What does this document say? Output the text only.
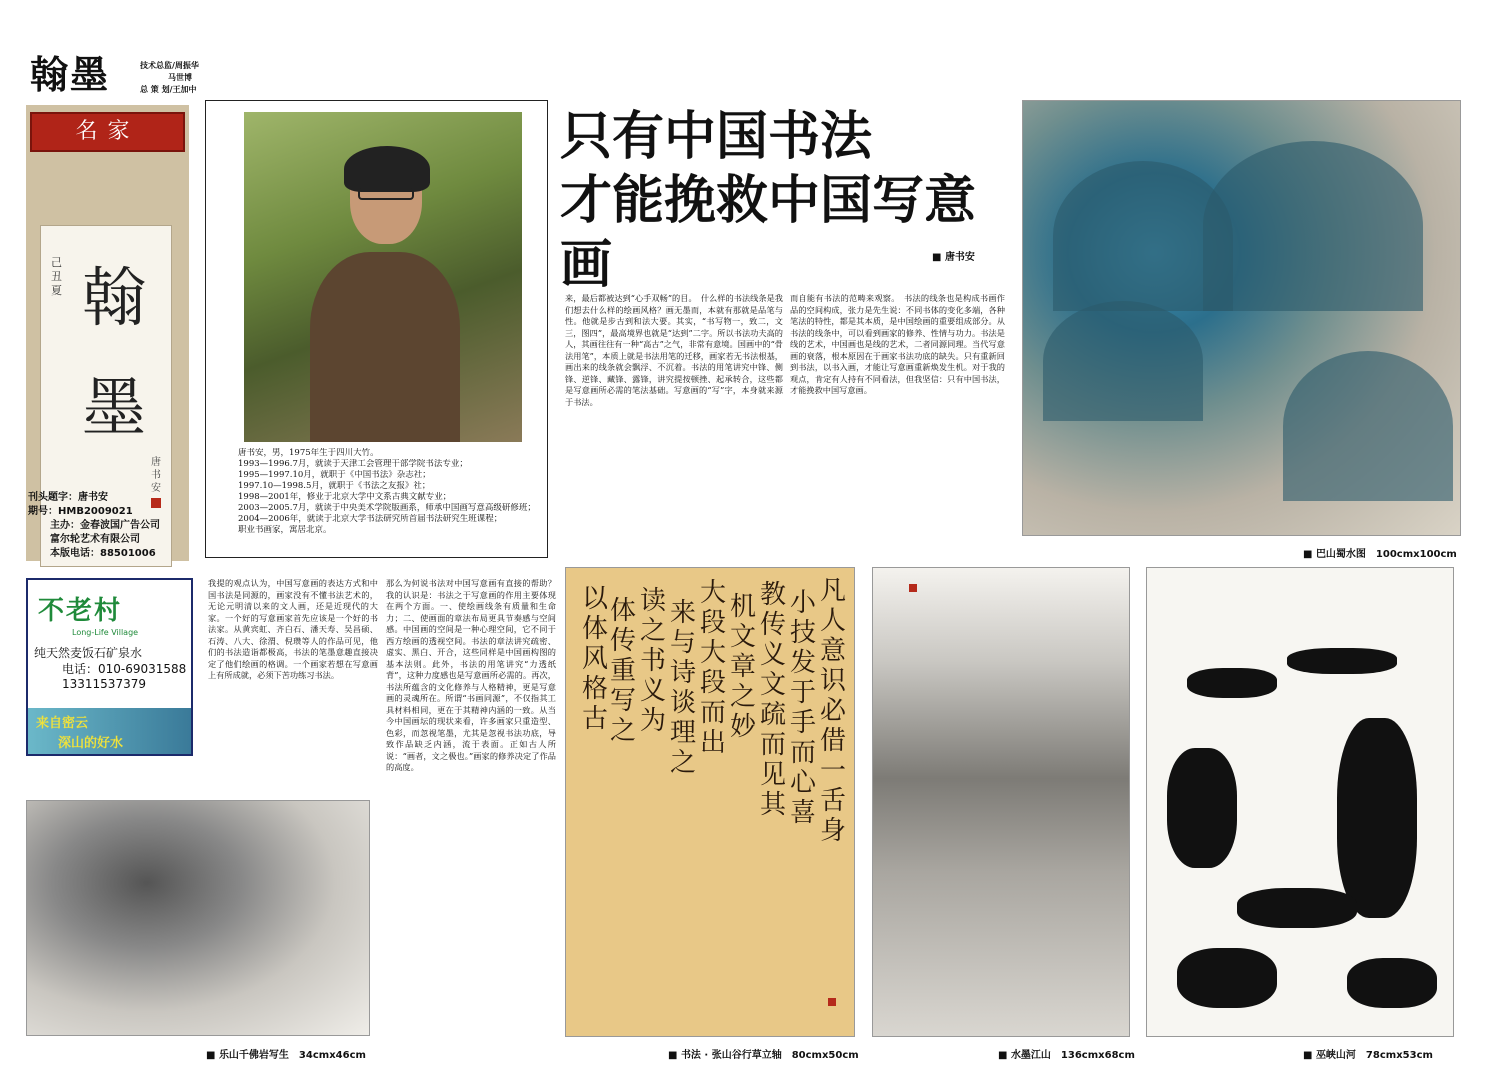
翰墨	技术总监/周振华
马世博
总 策 划/王加中
名家
翰墨
己丑夏
唐书安
刊头题字：唐书安
期号：HMB2009021
主办：金春波国广告公司
富尔轮艺术有限公司
本版电话：88501006
唐书安，男，1975年生于四川大竹。
1993—1996.7月，就读于天津工会管理干部学院书法专业；
1995—1997.10月，就职于《中国书法》杂志社；
1997.10—1998.5月，就职于《书法之友报》社；
1998—2001年，修业于北京大学中文系古典文献专业；
2003—2005.7月，就读于中央美术学院版画系，师承中国画写意高级研修班；
2004—2006年，就读于北京大学书法研究所首届书法研究生班课程；
职业书画家，寓居北京。
只有中国书法
才能挽救中国写意画	■ 唐书安
来，最后都被达到“心手双畅”的目。　什么样的书法线条是我们想去什么样的绘画风格？画无墨而，本就有那就是品笔与性。他就是步古到和法大要。其实，“书写物一，致二，文三，图四”，最高境界也就是“达到”二字。所以书法功夫高的人，其画往往有一种“高古”之气，非常有意境。国画中的“骨法用笔”，本质上就是书法用笔的迁移，画家若无书法根基，画出来的线条就会飘浮、不沉着。书法的用笔讲究中锋、侧锋、逆锋、藏锋、露锋，讲究提按顿挫、起承转合，这些都是写意画所必需的笔法基础。写意画的“写”字，本身就来源于书法。
而自能有书法的范畴来观察。　书法的线条也是构成书画作品的空间构成，张力是先生说：不同书体的变化多端，各种笔法的特性，都是其本质，是中国绘画的重要组成部分。从书法的线条中，可以看到画家的修养、性情与功力。书法是线的艺术，中国画也是线的艺术，二者同源同理。当代写意画的衰落，根本原因在于画家书法功底的缺失。只有重新回到书法，以书入画，才能让写意画重新焕发生机。对于我的观点，肯定有人持有不同看法，但我坚信：只有中国书法，才能挽救中国写意画。
■ 巴山蜀水图　100cmx100cm
不老村
Long-Life Village
纯天然麦饭石矿泉水
电话：010-69031588
13311537379
来自密云
深山的好水
我提的观点认为，中国写意画的表达方式和中国书法是同源的，画家没有不懂书法艺术的，无论元明清以来的文人画，还是近现代的大家。一个好的写意画家首先应该是一个好的书法家。从黄宾虹、齐白石、潘天寿、吴昌硕、石涛、八大、徐渭、倪瓒等人的作品可见，他们的书法造诣都极高，书法的笔墨意趣直接决定了他们绘画的格调。一个画家若想在写意画上有所成就，必须下苦功练习书法。
那么为何说书法对中国写意画有直接的帮助？我的认识是：书法之于写意画的作用主要体现在两个方面。一、使绘画线条有质量和生命力；二、使画面的章法布局更具节奏感与空间感。中国画的空间是一种心理空间，它不同于西方绘画的透视空间。书法的章法讲究疏密、虚实、黑白、开合，这些同样是中国画构图的基本法则。此外，书法的用笔讲究“力透纸背”，这种力度感也是写意画所必需的。再次，书法所蕴含的文化修养与人格精神，更是写意画的灵魂所在。所谓“书画同源”，不仅指其工具材料相同，更在于其精神内涵的一致。从当今中国画坛的现状来看，许多画家只重造型、色彩，而忽视笔墨，尤其是忽视书法功底，导致作品缺乏内涵，流于表面。正如古人所说：“画者，文之极也。”画家的修养决定了作品的高度。
■ 乐山千佛岩写生　34cmx46cm
凡人意识必借一舌身
小技发于手而心喜
教传义文疏而见其
机文章之妙
大段大段而出
来与诗谈理之
读之书义为
体传重写之
以体风格古
■ 书法 · 张山谷行草立轴　80cmx50cm	■ 水墨江山　136cmx68cm	■ 巫峡山河　78cmx53cm
